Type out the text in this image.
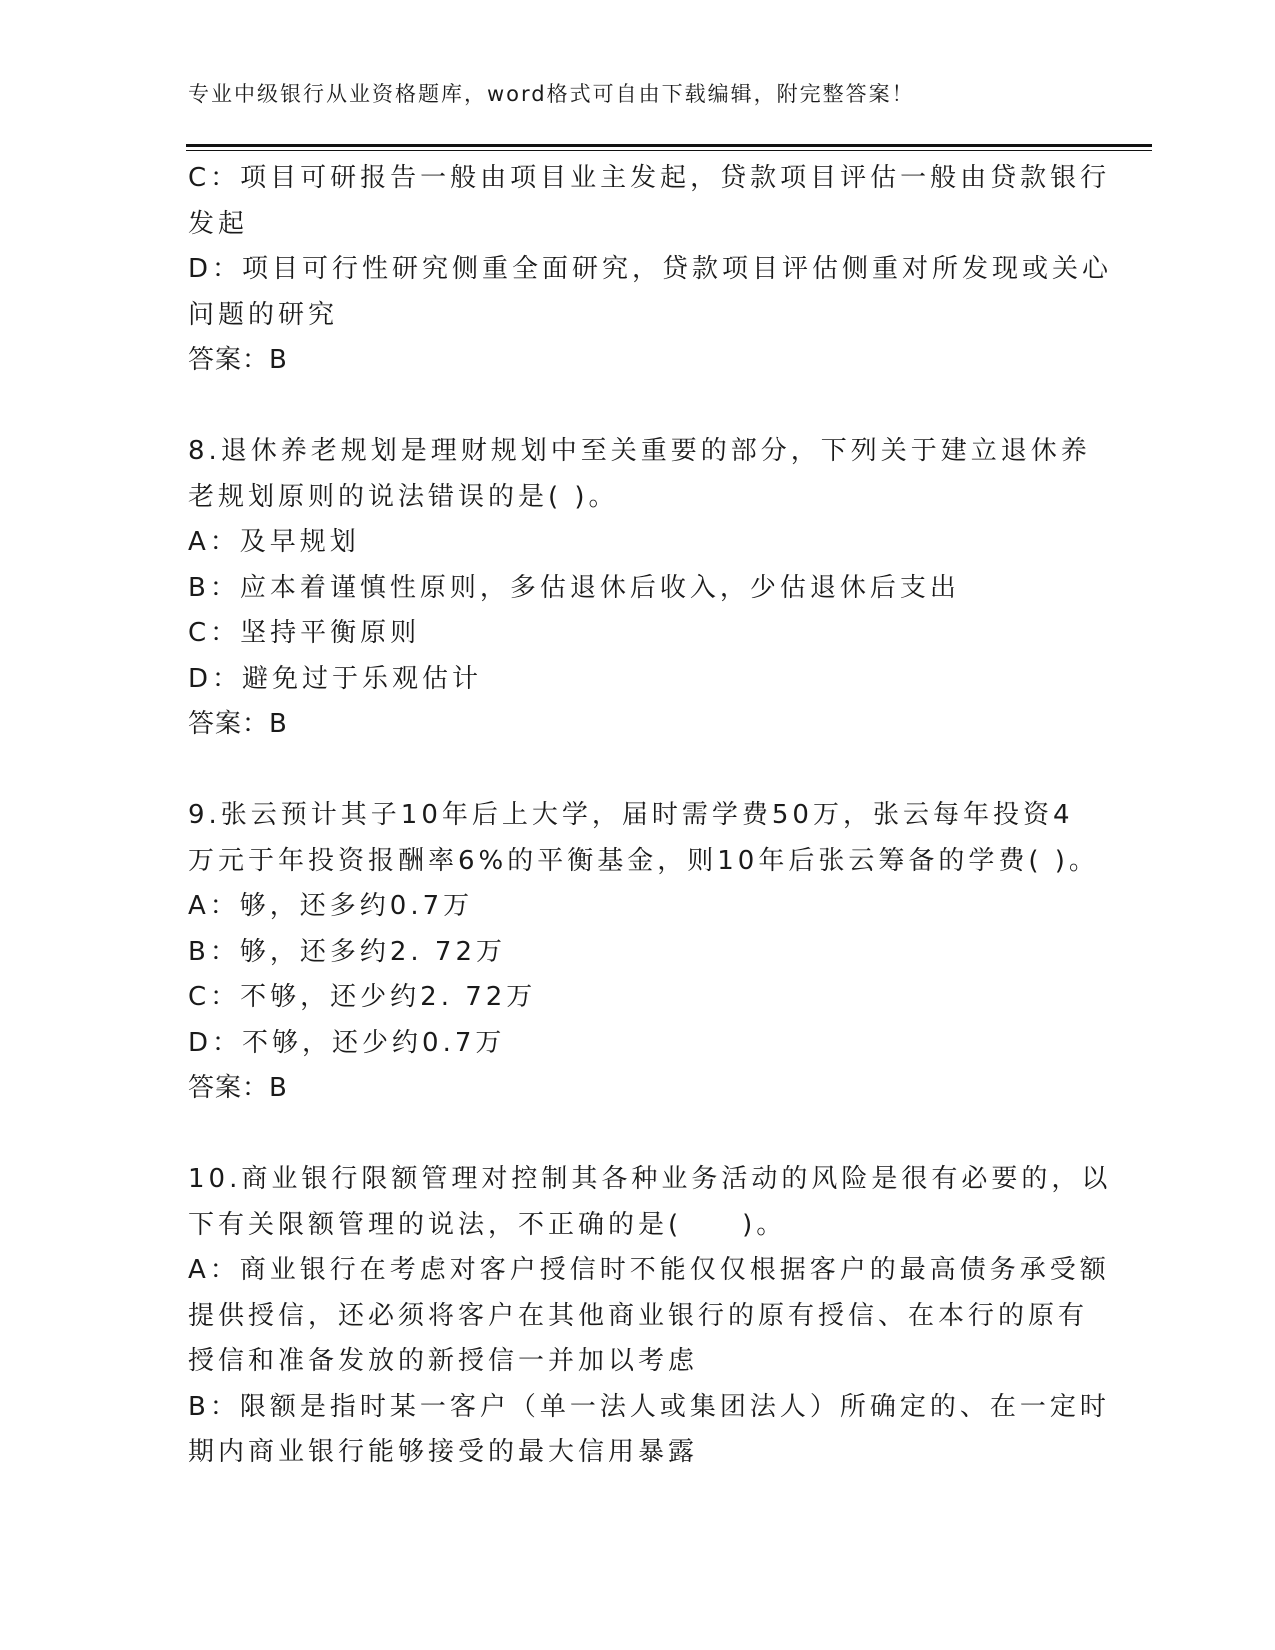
专业中级银行从业资格题库，word格式可自由下载编辑，附完整答案！
C：项目可研报告一般由项目业主发起，贷款项目评估一般由贷款银行
发起
D：项目可行性研究侧重全面研究，贷款项目评估侧重对所发现或关心
问题的研究
答案：B
8.退休养老规划是理财规划中至关重要的部分，下列关于建立退休养
老规划原则的说法错误的是( )。
A：及早规划
B：应本着谨慎性原则，多估退休后收入，少估退休后支出
C：坚持平衡原则
D：避免过于乐观估计
答案：B
9.张云预计其子10年后上大学，届时需学费50万，张云每年投资4
万元于年投资报酬率6%的平衡基金，则10年后张云筹备的学费( )。
A：够，还多约0.7万
B：够，还多约2. 72万
C：不够，还少约2. 72万
D：不够，还少约0.7万
答案：B
10.商业银行限额管理对控制其各种业务活动的风险是很有必要的，以
下有关限额管理的说法，不正确的是(　　)。
A：商业银行在考虑对客户授信时不能仅仅根据客户的最高债务承受额
提供授信，还必须将客户在其他商业银行的原有授信、在本行的原有
授信和准备发放的新授信一并加以考虑
B：限额是指时某一客户（单一法人或集团法人）所确定的、在一定时
期内商业银行能够接受的最大信用暴露
